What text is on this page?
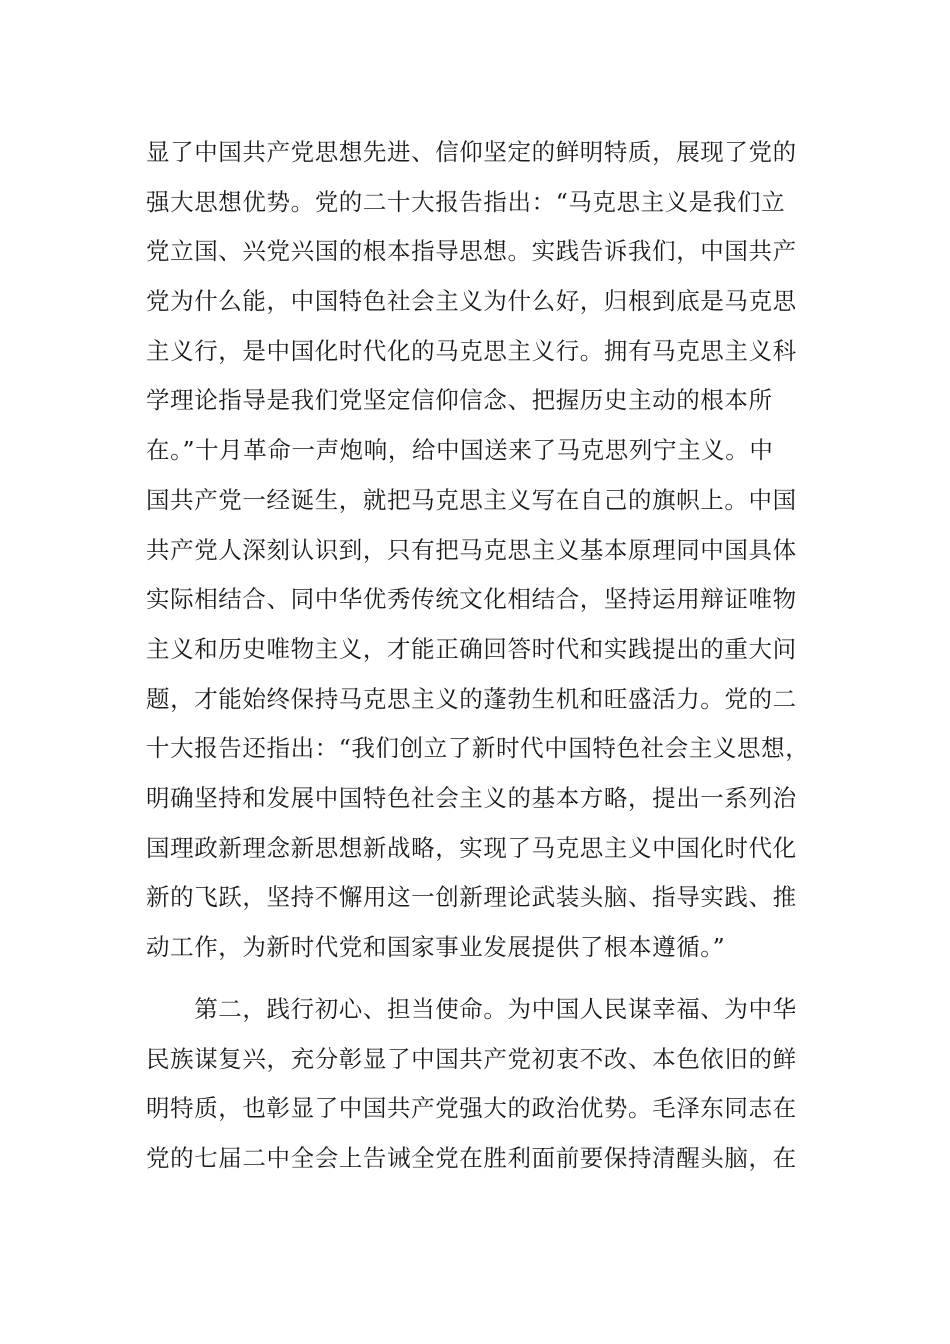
显了中国共产党思想先进、信仰坚定的鲜明特质，展现了党的
强大思想优势。党的二十大报告指出：“马克思主义是我们立
党立国、兴党兴国的根本指导思想。实践告诉我们，中国共产
党为什么能，中国特色社会主义为什么好，归根到底是马克思
主义行，是中国化时代化的马克思主义行。拥有马克思主义科
学理论指导是我们党坚定信仰信念、把握历史主动的根本所
在。”十月革命一声炮响，给中国送来了马克思列宁主义。中
国共产党一经诞生，就把马克思主义写在自己的旗帜上。中国
共产党人深刻认识到，只有把马克思主义基本原理同中国具体
实际相结合、同中华优秀传统文化相结合，坚持运用辩证唯物
主义和历史唯物主义，才能正确回答时代和实践提出的重大问
题，才能始终保持马克思主义的蓬勃生机和旺盛活力。党的二
十大报告还指出：“我们创立了新时代中国特色社会主义思想，
明确坚持和发展中国特色社会主义的基本方略，提出一系列治
国理政新理念新思想新战略，实现了马克思主义中国化时代化
新的飞跃，坚持不懈用这一创新理论武装头脑、指导实践、推
动工作，为新时代党和国家事业发展提供了根本遵循。”
　　第二，践行初心、担当使命。为中国人民谋幸福、为中华
民族谋复兴，充分彰显了中国共产党初衷不改、本色依旧的鲜
明特质，也彰显了中国共产党强大的政治优势。毛泽东同志在
党的七届二中全会上告诫全党在胜利面前要保持清醒头脑，在
